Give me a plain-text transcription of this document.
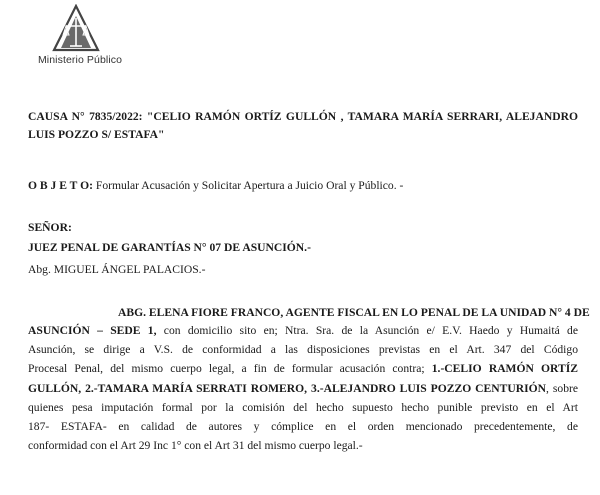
Ministerio Público
CAUSA N° 7835/2022: "CELIO RAMÓN ORTÍZ GULLÓN , TAMARA MARÍA SERRARI, ALEJANDRO
LUIS POZZO S/ ESTAFA"
O B J E T O: Formular Acusación y Solicitar Apertura a Juicio Oral y Público. -
SEÑOR:
JUEZ PENAL DE GARANTÍAS N° 07 DE ASUNCIÓN.-
Abg. MIGUEL ÁNGEL PALACIOS.-
ABG. ELENA FIORE FRANCO, AGENTE FISCAL EN LO PENAL DE LA UNIDAD N° 4 DE
ASUNCIÓN – SEDE 1, con domicilio sito en; Ntra. Sra. de la Asunción e/ E.V. Haedo y Humaitá de
Asunción, se dirige a V.S. de conformidad a las disposiciones previstas en el Art. 347 del Código
Procesal Penal, del mismo cuerpo legal, a fin de formular acusación contra; 1.-CELIO RAMÓN ORTÍZ
GULLÓN, 2.-TAMARA MARÍA SERRATI ROMERO, 3.-ALEJANDRO LUIS POZZO CENTURIÓN, sobre
quienes pesa imputación formal por la comisión del hecho supuesto hecho punible previsto en el Art
187- ESTAFA- en calidad de autores y cómplice en el orden mencionado precedentemente, de
conformidad con el Art 29 Inc 1° con el Art 31 del mismo cuerpo legal.-
